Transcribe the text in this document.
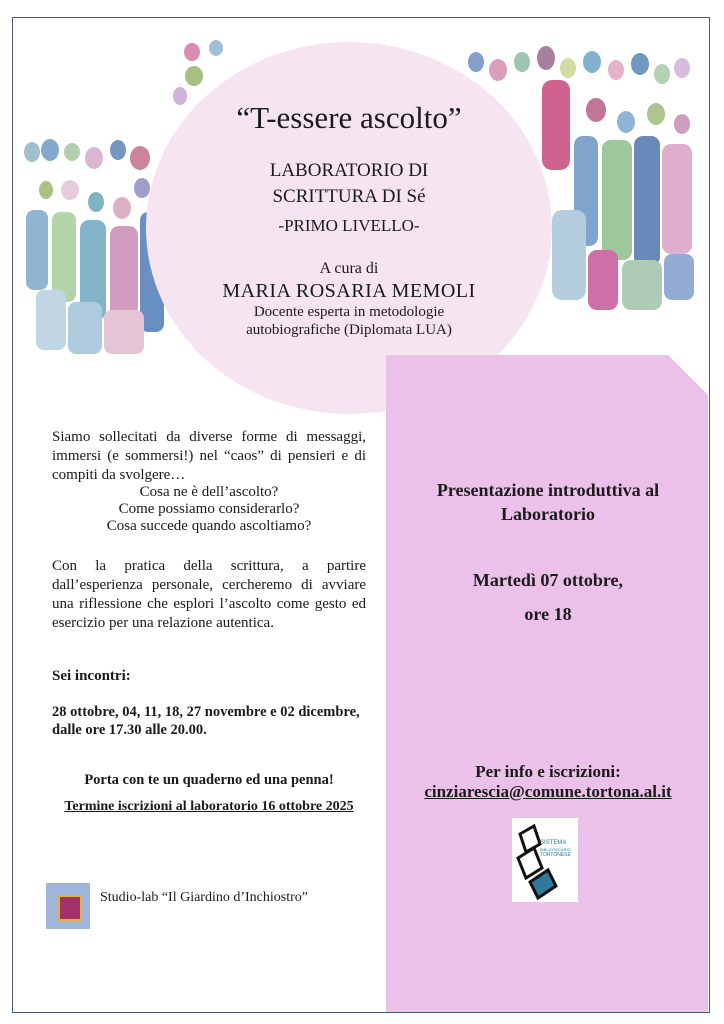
“T-essere ascolto”
LABORATORIO DI
SCRITTURA DI Sé
-PRIMO LIVELLO-
A cura di
MARIA ROSARIA MEMOLI
Docente esperta in metodologie
autobiografiche (Diplomata LUA)
Presentazione introduttiva al
Laboratorio
Martedì 07 ottobre,
ore 18
Per info e iscrizioni:
cinziarescia@comune.tortona.al.it
SISTEMA
BIBLIOTECARIO
TORTONESE
Siamo sollecitati da diverse forme di messaggi,
immersi (e sommersi!) nel “caos” di pensieri e di
compiti da svolgere…
Cosa ne è dell’ascolto?
Come possiamo considerarlo?
Cosa succede quando ascoltiamo?
Con la pratica della scrittura, a partire
dall’esperienza personale, cercheremo di avviare
una riflessione che esplori l’ascolto come gesto ed
esercizio per una relazione autentica.
Sei incontri:
28 ottobre, 04, 11, 18, 27 novembre e 02 dicembre,
dalle ore 17.30 alle 20.00.
Porta con te un quaderno ed una penna!
Termine iscrizioni al laboratorio 16 ottobre 2025
Studio-lab “Il Giardino d’Inchiostro”
